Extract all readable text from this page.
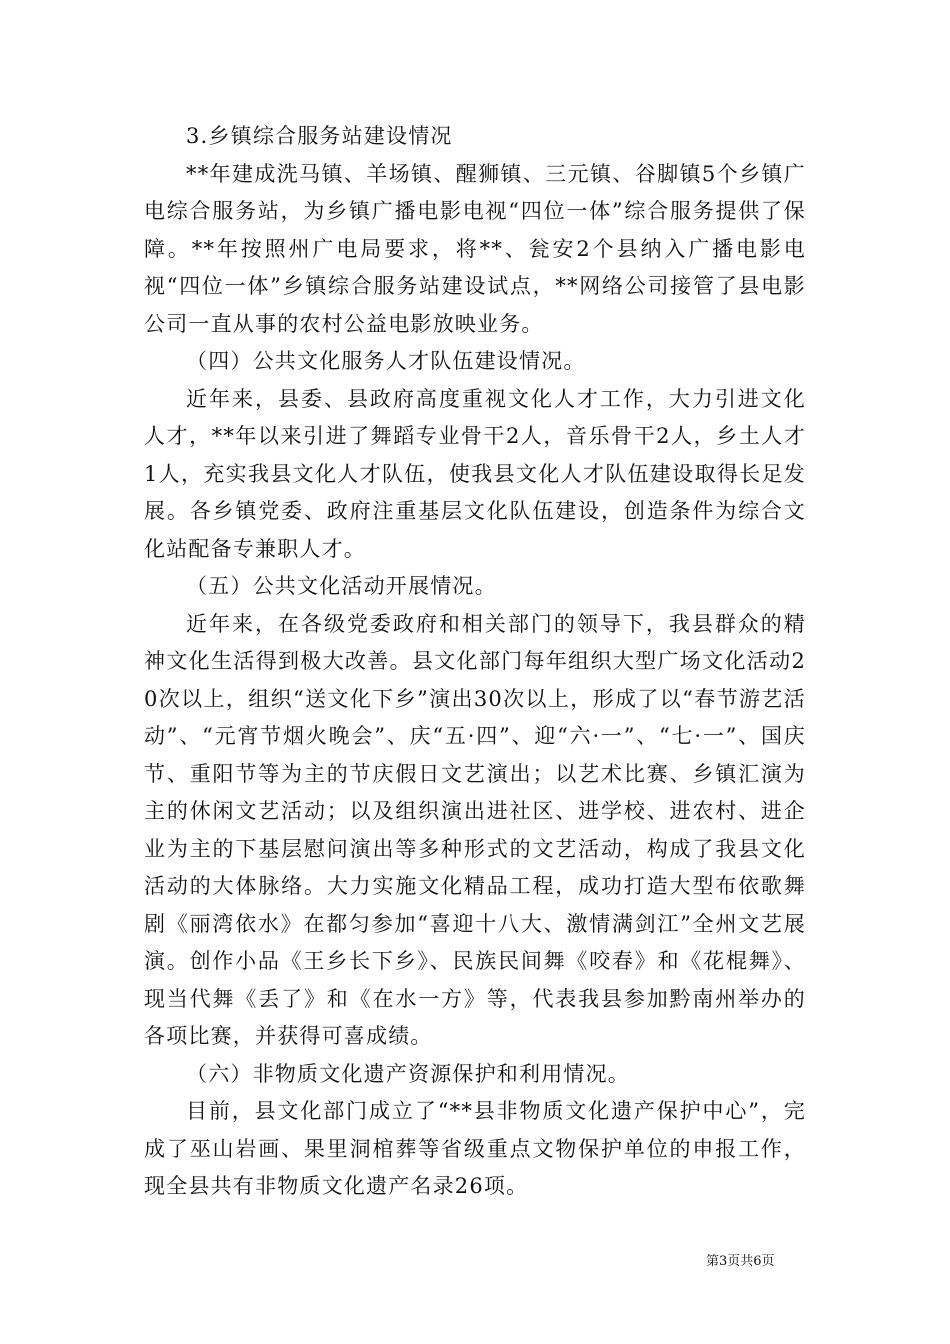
3.乡镇综合服务站建设情况

**年建成洗马镇、羊场镇、醒狮镇、三元镇、谷脚镇5个乡镇广电综合服务站，为乡镇广播电影电视“四位一体”综合服务提供了保障。**年按照州广电局要求，将**、瓮安2个县纳入广播电影电视“四位一体”乡镇综合服务站建设试点，**网络公司接管了县电影公司一直从事的农村公益电影放映业务。

（四）公共文化服务人才队伍建设情况。

近年来，县委、县政府高度重视文化人才工作，大力引进文化人才，**年以来引进了舞蹈专业骨干2人，音乐骨干2人，乡土人才1人，充实我县文化人才队伍，使我县文化人才队伍建设取得长足发展。各乡镇党委、政府注重基层文化队伍建设，创造条件为综合文化站配备专兼职人才。

（五）公共文化活动开展情况。

近年来，在各级党委政府和相关部门的领导下，我县群众的精神文化生活得到极大改善。县文化部门每年组织大型广场文化活动20次以上，组织“送文化下乡”演出30次以上，形成了以“春节游艺活动”、“元宵节烟火晚会”、庆“五·四”、迎“六·一”、“七·一”、国庆节、重阳节等为主的节庆假日文艺演出；以艺术比赛、乡镇汇演为主的休闲文艺活动；以及组织演出进社区、进学校、进农村、进企业为主的下基层慰问演出等多种形式的文艺活动，构成了我县文化活动的大体脉络。大力实施文化精品工程，成功打造大型布依歌舞剧《丽湾依水》在都匀参加“喜迎十八大、激情满剑江”全州文艺展演。创作小品《王乡长下乡》、民族民间舞《咬春》和《花棍舞》、现当代舞《丢了》和《在水一方》等，代表我县参加黔南州举办的各项比赛，并获得可喜成绩。

（六）非物质文化遗产资源保护和利用情况。

目前，县文化部门成立了“**县非物质文化遗产保护中心”，完成了巫山岩画、果里洞棺葬等省级重点文物保护单位的申报工作，现全县共有非物质文化遗产名录26项。

第3页共6页
